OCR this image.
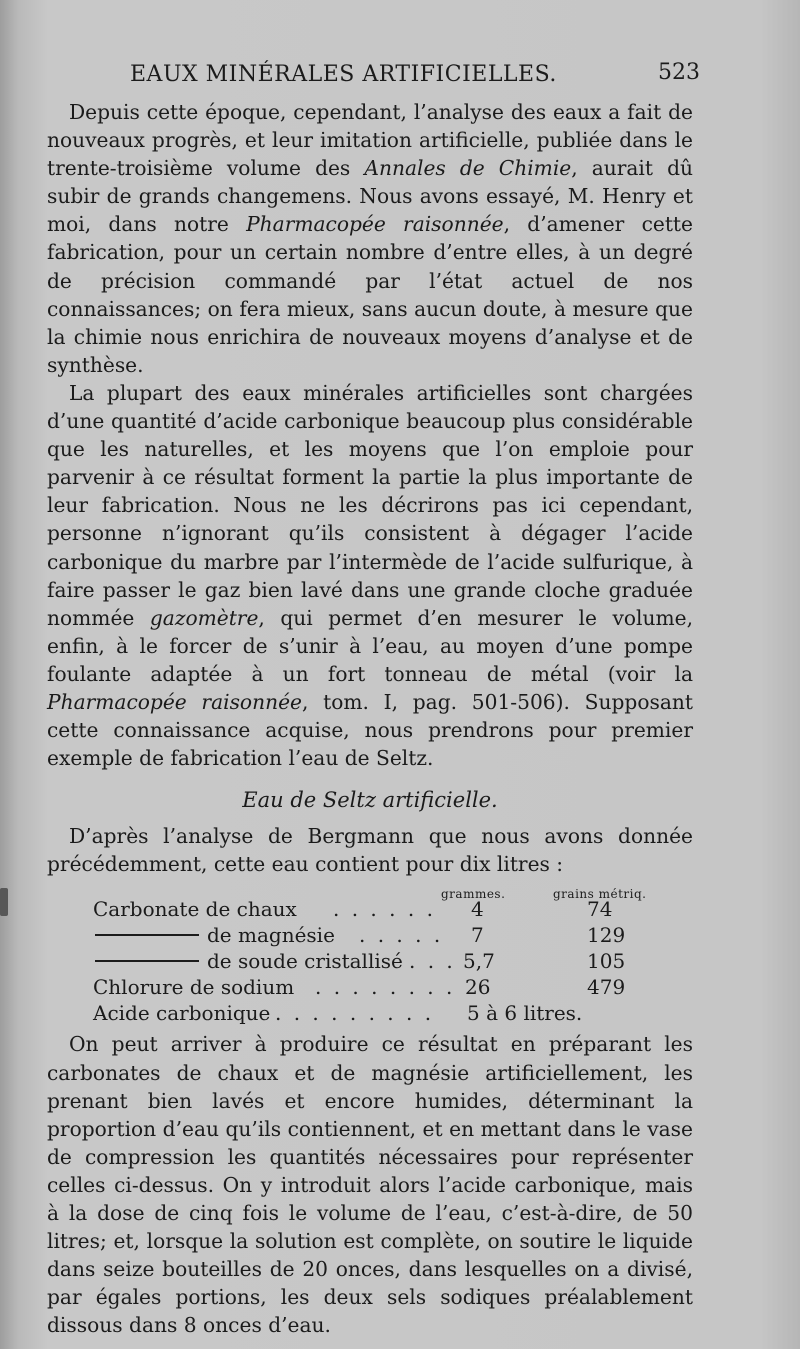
EAUX MINÉRALES ARTIFICIELLES.	523

Depuis cette époque, cependant, l’analyse des eaux a fait de nouveaux progrès, et leur imitation artificielle, publiée dans le trente-troisième volume des Annales de Chimie, aurait dû subir de grands changemens. Nous avons essayé, M. Henry et moi, dans notre Pharmacopée raisonnée, d’amener cette fabrication, pour un certain nombre d’entre elles, à un degré de précision commandé par l’état actuel de nos connaissances; on fera mieux, sans aucun doute, à mesure que la chimie nous enrichira de nouveaux moyens d’analyse et de synthèse.

La plupart des eaux minérales artificielles sont chargées d’une quantité d’acide carbonique beaucoup plus considérable que les naturelles, et les moyens que l’on emploie pour parvenir à ce résultat forment la partie la plus importante de leur fabrication. Nous ne les décrirons pas ici cependant, personne n’ignorant qu’ils consistent à dégager l’acide carbonique du marbre par l’intermède de l’acide sulfurique, à faire passer le gaz bien lavé dans une grande cloche graduée nommée gazomètre, qui permet d’en mesurer le volume, enfin, à le forcer de s’unir à l’eau, au moyen d’une pompe foulante adaptée à un fort tonneau de métal (voir la Pharmacopée raisonnée, tom. I, pag. 501-506). Supposant cette connaissance acquise, nous prendrons pour premier exemple de fabrication l’eau de Seltz.

Eau de Seltz artificielle.

D’après l’analyse de Bergmann que nous avons donnée précédemment, cette eau contient pour dix litres :

grammes.	grains métriq.
Carbonate de chaux . . . . . . 4	74
de magnésie . . . . . 7	129
de soude cristallisé . . . 5,7	105
Chlorure de sodium . . . . . . . . 26	479
Acide carbonique . . . . . . . . . 5 à 6 litres.

On peut arriver à produire ce résultat en préparant les carbonates de chaux et de magnésie artificiellement, les prenant bien lavés et encore humides, déterminant la proportion d’eau qu’ils contiennent, et en mettant dans le vase de compression les quantités nécessaires pour représenter celles ci-dessus. On y introduit alors l’acide carbonique, mais à la dose de cinq fois le volume de l’eau, c’est-à-dire, de 50 litres; et, lorsque la solution est complète, on soutire le liquide dans seize bouteilles de 20 onces, dans lesquelles on a divisé, par égales portions, les deux sels sodiques préalablement dissous dans 8 onces d’eau.
